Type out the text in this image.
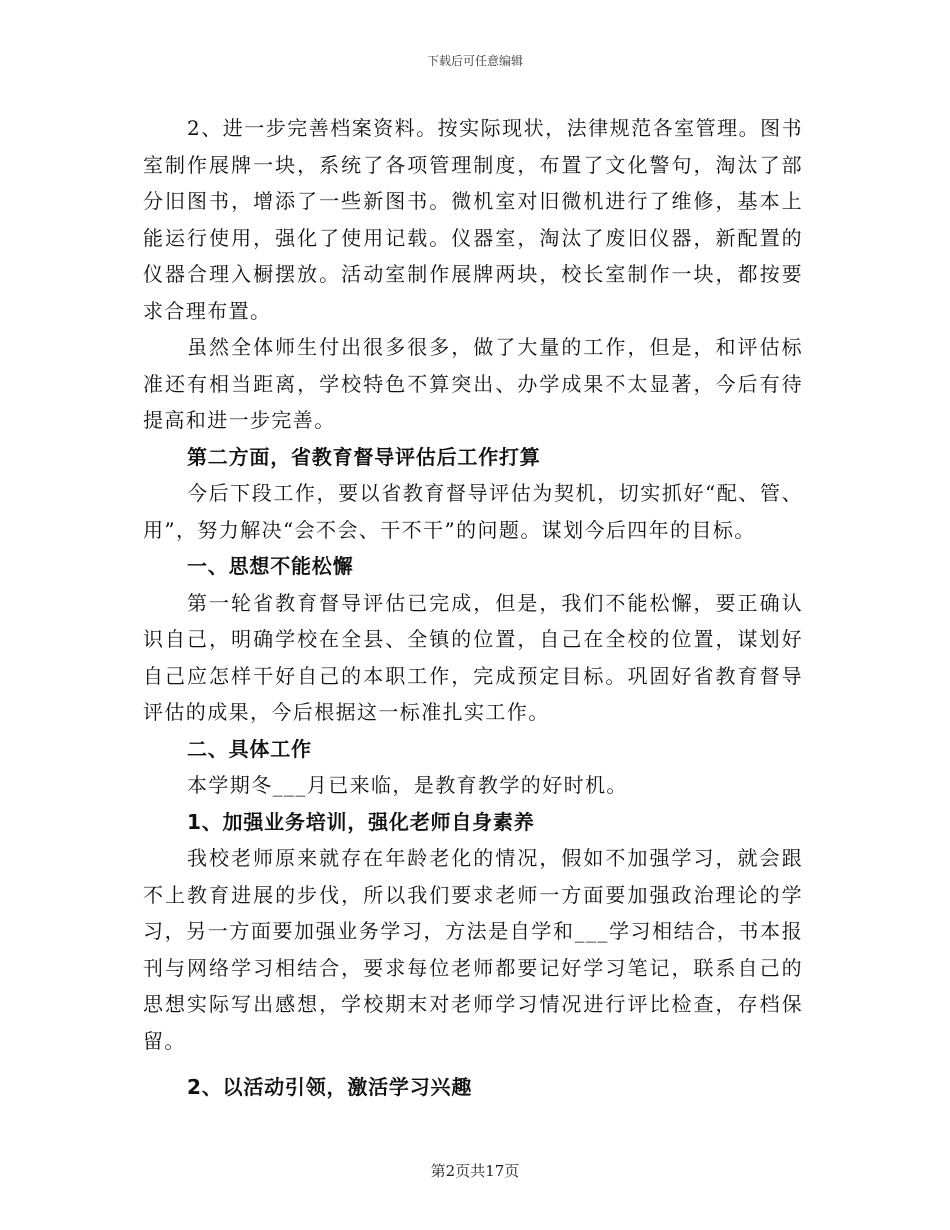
下载后可任意编辑

2、进一步完善档案资料。按实际现状，法律规范各室管理。图书室制作展牌一块，系统了各项管理制度，布置了文化警句，淘汰了部分旧图书，增添了一些新图书。微机室对旧微机进行了维修，基本上能运行使用，强化了使用记载。仪器室，淘汰了废旧仪器，新配置的仪器合理入橱摆放。活动室制作展牌两块，校长室制作一块，都按要求合理布置。

虽然全体师生付出很多很多，做了大量的工作，但是，和评估标准还有相当距离，学校特色不算突出、办学成果不太显著，今后有待提高和进一步完善。

第二方面，省教育督导评估后工作打算

今后下段工作，要以省教育督导评估为契机，切实抓好“配、管、用”，努力解决“会不会、干不干”的问题。谋划今后四年的目标。

一、思想不能松懈

第一轮省教育督导评估已完成，但是，我们不能松懈，要正确认识自己，明确学校在全县、全镇的位置，自己在全校的位置，谋划好自己应怎样干好自己的本职工作，完成预定目标。巩固好省教育督导评估的成果，今后根据这一标准扎实工作。

二、具体工作

本学期冬___月已来临，是教育教学的好时机。

1、加强业务培训，强化老师自身素养

我校老师原来就存在年龄老化的情况，假如不加强学习，就会跟不上教育进展的步伐，所以我们要求老师一方面要加强政治理论的学习，另一方面要加强业务学习，方法是自学和___学习相结合，书本报刊与网络学习相结合，要求每位老师都要记好学习笔记，联系自己的思想实际写出感想，学校期末对老师学习情况进行评比检查，存档保留。

2、以活动引领，激活学习兴趣

第2页共17页
